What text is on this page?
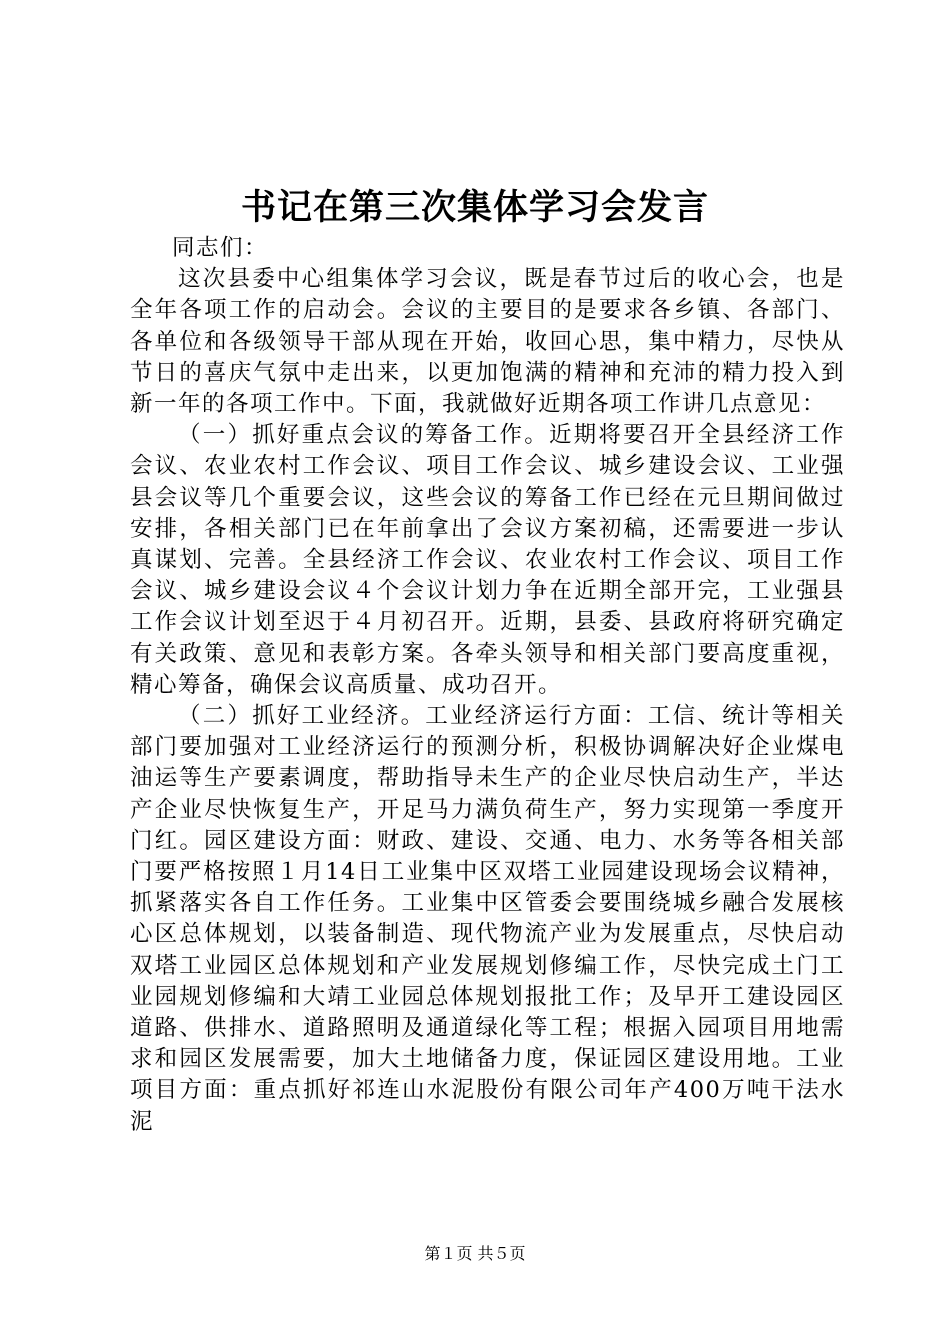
书记在第三次集体学习会发言

同志们：

这次县委中心组集体学习会议，既是春节过后的收心会，也是全年各项工作的启动会。会议的主要目的是要求各乡镇、各部门、各单位和各级领导干部从现在开始，收回心思，集中精力，尽快从节日的喜庆气氛中走出来，以更加饱满的精神和充沛的精力投入到新一年的各项工作中。下面，我就做好近期各项工作讲几点意见：

（一）抓好重点会议的筹备工作。近期将要召开全县经济工作会议、农业农村工作会议、项目工作会议、城乡建设会议、工业强县会议等几个重要会议，这些会议的筹备工作已经在元旦期间做过安排，各相关部门已在年前拿出了会议方案初稿，还需要进一步认真谋划、完善。全县经济工作会议、农业农村工作会议、项目工作会议、城乡建设会议４个会议计划力争在近期全部开完，工业强县工作会议计划至迟于４月初召开。近期，县委、县政府将研究确定有关政策、意见和表彰方案。各牵头领导和相关部门要高度重视，精心筹备，确保会议高质量、成功召开。

（二）抓好工业经济。工业经济运行方面：工信、统计等相关部门要加强对工业经济运行的预测分析，积极协调解决好企业煤电油运等生产要素调度，帮助指导未生产的企业尽快启动生产，半达产企业尽快恢复生产，开足马力满负荷生产，努力实现第一季度开门红。园区建设方面：财政、建设、交通、电力、水务等各相关部门要严格按照１月14日工业集中区双塔工业园建设现场会议精神，抓紧落实各自工作任务。工业集中区管委会要围绕城乡融合发展核心区总体规划，以装备制造、现代物流产业为发展重点，尽快启动双塔工业园区总体规划和产业发展规划修编工作，尽快完成土门工业园规划修编和大靖工业园总体规划报批工作；及早开工建设园区道路、供排水、道路照明及通道绿化等工程；根据入园项目用地需求和园区发展需要，加大土地储备力度，保证园区建设用地。工业项目方面：重点抓好祁连山水泥股份有限公司年产400万吨干法水泥

第１页 共５页
